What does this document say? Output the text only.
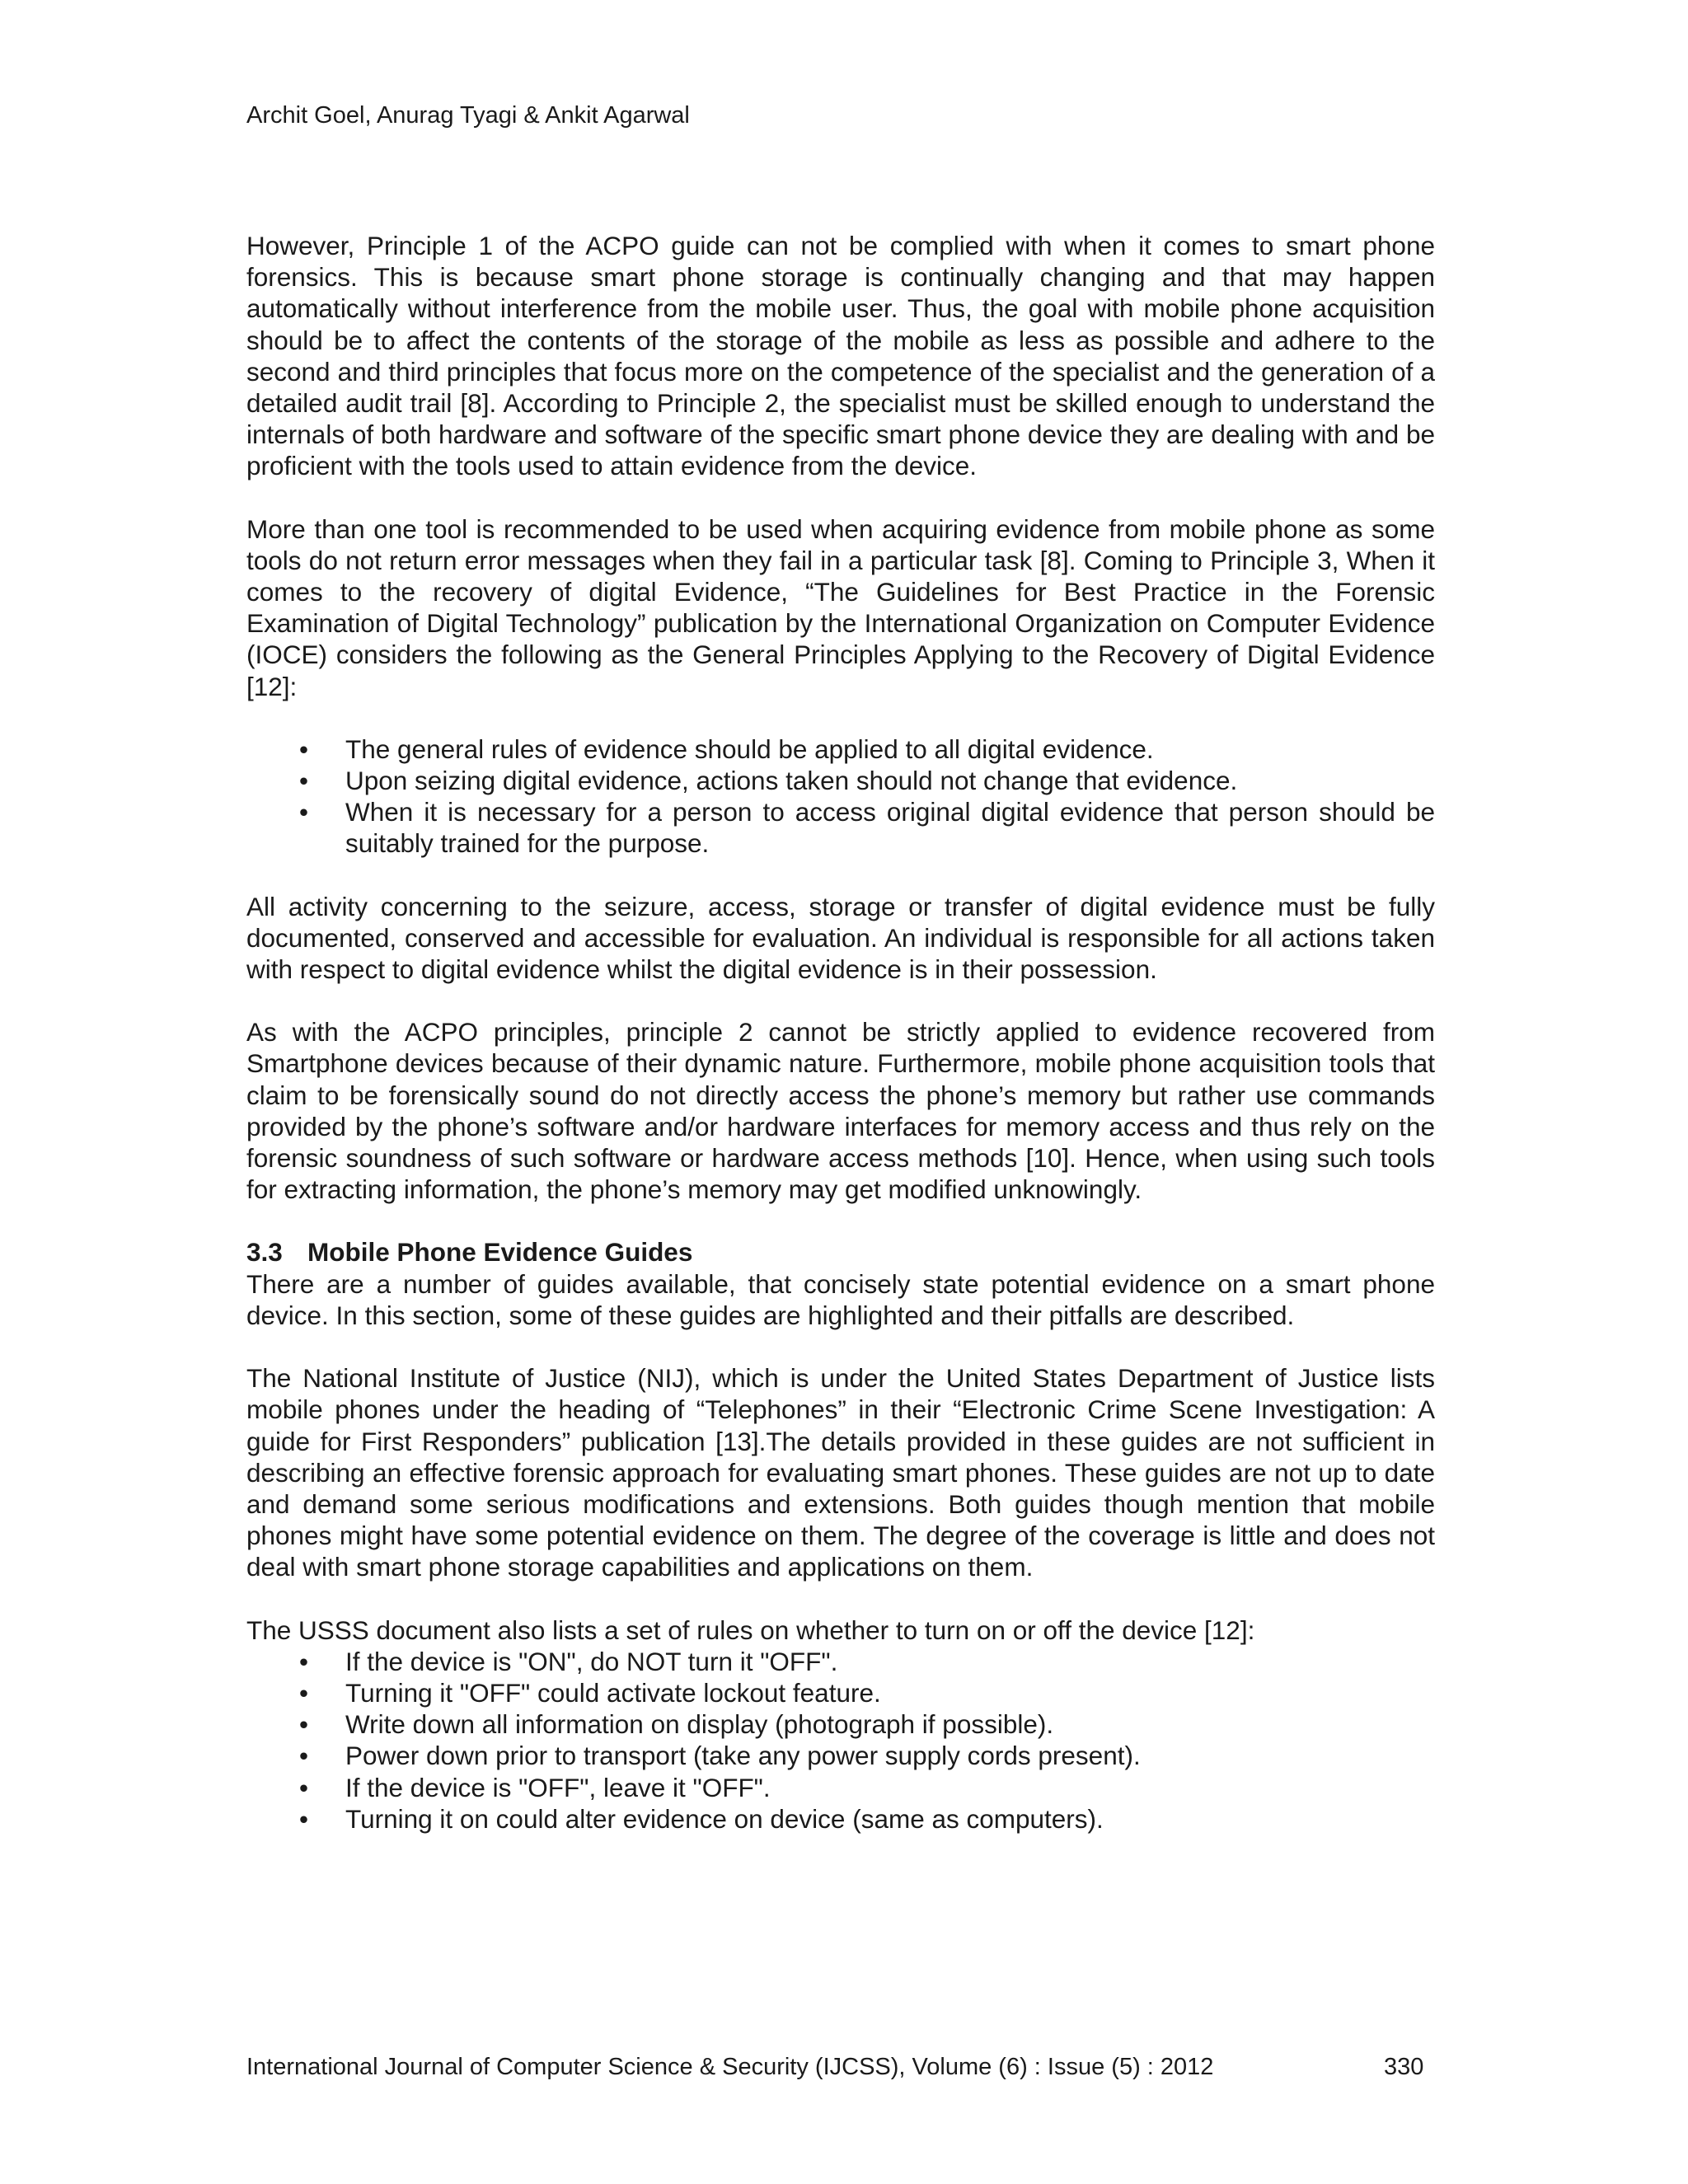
Archit Goel, Anurag Tyagi & Ankit Agarwal

However, Principle 1 of the ACPO guide can not be complied with when it comes to smart phone forensics. This is because smart phone storage is continually changing and that may happen automatically without interference from the mobile user. Thus, the goal with mobile phone acquisition should be to affect the contents of the storage of the mobile as less as possible and adhere to the second and third principles that focus more on the competence of the specialist and the generation of a detailed audit trail [8]. According to Principle 2, the specialist must be skilled enough to understand the internals of both hardware and software of the specific smart phone device they are dealing with and be proficient with the tools used to attain evidence from the device.

More than one tool is recommended to be used when acquiring evidence from mobile phone as some tools do not return error messages when they fail in a particular task [8]. Coming to Principle 3, When it comes to the recovery of digital Evidence, “The Guidelines for Best Practice in the Forensic Examination of Digital Technology” publication by the International Organization on Computer Evidence (IOCE) considers the following as the General Principles Applying to the Recovery of Digital Evidence [12]:

• The general rules of evidence should be applied to all digital evidence.
• Upon seizing digital evidence, actions taken should not change that evidence.
• When it is necessary for a person to access original digital evidence that person should be suitably trained for the purpose.

All activity concerning to the seizure, access, storage or transfer of digital evidence must be fully documented, conserved and accessible for evaluation. An individual is responsible for all actions taken with respect to digital evidence whilst the digital evidence is in their possession.

As with the ACPO principles, principle 2 cannot be strictly applied to evidence recovered from Smartphone devices because of their dynamic nature. Furthermore, mobile phone acquisition tools that claim to be forensically sound do not directly access the phone’s memory but rather use commands provided by the phone’s software and/or hardware interfaces for memory access and thus rely on the forensic soundness of such software or hardware access methods [10]. Hence, when using such tools for extracting information, the phone’s memory may get modified unknowingly.

3.3 Mobile Phone Evidence Guides

There are a number of guides available, that concisely state potential evidence on a smart phone device. In this section, some of these guides are highlighted and their pitfalls are described.

The National Institute of Justice (NIJ), which is under the United States Department of Justice lists mobile phones under the heading of “Telephones” in their “Electronic Crime Scene Investigation: A guide for First Responders” publication [13].The details provided in these guides are not sufficient in describing an effective forensic approach for evaluating smart phones. These guides are not up to date and demand some serious modifications and extensions. Both guides though mention that mobile phones might have some potential evidence on them. The degree of the coverage is little and does not deal with smart phone storage capabilities and applications on them.

The USSS document also lists a set of rules on whether to turn on or off the device [12]:

• If the device is "ON", do NOT turn it "OFF".
• Turning it "OFF" could activate lockout feature.
• Write down all information on display (photograph if possible).
• Power down prior to transport (take any power supply cords present).
• If the device is "OFF", leave it "OFF".
• Turning it on could alter evidence on device (same as computers).
International Journal of Computer Science & Security (IJCSS), Volume (6) : Issue (5) : 2012	330
